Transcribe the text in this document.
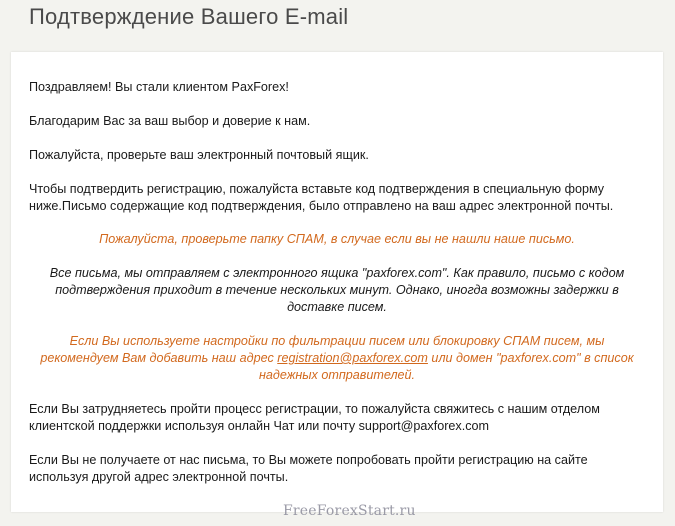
Подтверждение Вашего E-mail

Поздравляем! Вы стали клиентом PaxForex!

Благодарим Вас за ваш выбор и доверие к нам.

Пожалуйста, проверьте ваш электронный почтовый ящик.

Чтобы подтвердить регистрацию, пожалуйста вставьте код подтверждения в специальную форму ниже.Письмо содержащие код подтверждения, было отправлено на ваш адрес электронной почты.

Пожалуйста, проверьте папку СПАМ, в случае если вы не нашли наше письмо.

Все письма, мы отправляем с электронного ящика "paxforex.com". Как правило, письмо с кодом подтверждения приходит в течение нескольких минут. Однако, иногда возможны задержки в доставке писем.

Если Вы используете настройки по фильтрации писем или блокировку СПАМ писем, мы рекомендуем Вам добавить наш адрес registration@paxforex.com или домен "paxforex.com" в список надежных отправителей.

Если Вы затрудняетесь пройти процесс регистрации, то пожалуйста свяжитесь с нашим отделом клиентской поддержки используя онлайн Чат или почту support@paxforex.com

Если Вы не получаете от нас письма, то Вы можете попробовать пройти регистрацию на сайте используя другой адрес электронной почты.

FreeForexStart.ru
